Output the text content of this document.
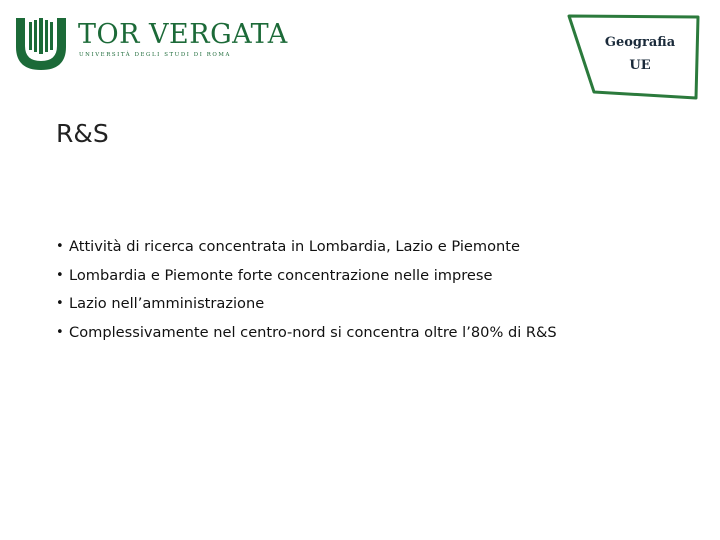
TOR VERGATA
UNIVERSITÀ DEGLI STUDI DI ROMA
Geografia
UE
R&S
• Attività di ricerca concentrata in Lombardia, Lazio e Piemonte
• Lombardia e Piemonte forte concentrazione nelle imprese
• Lazio nell’amministrazione
• Complessivamente nel centro-nord si concentra oltre l’80% di R&S
